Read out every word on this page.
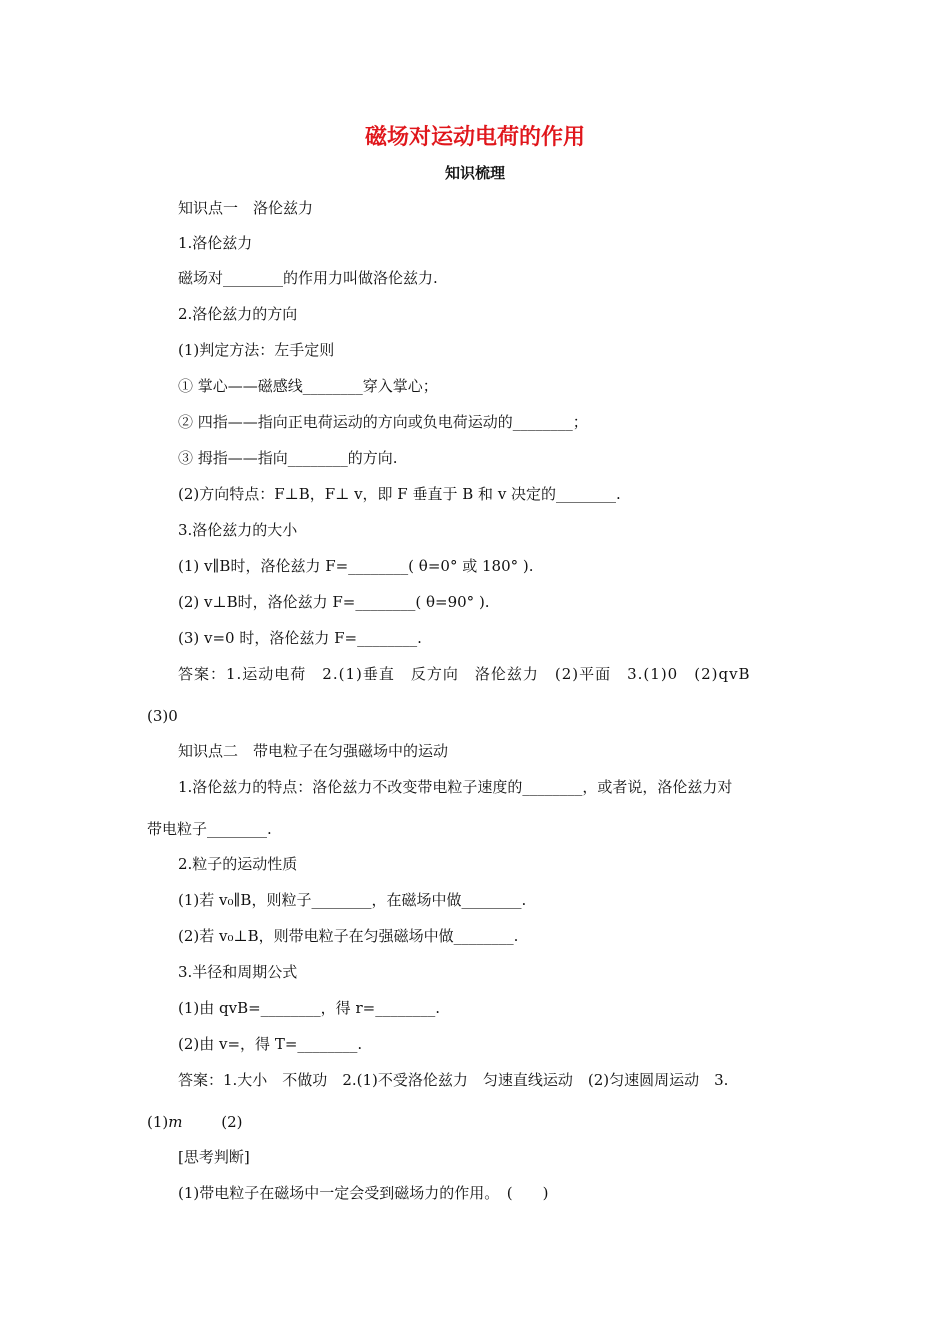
磁场对运动电荷的作用
知识梳理
知识点一　洛伦兹力
1.洛伦兹力
磁场对________的作用力叫做洛伦兹力.
2.洛伦兹力的方向
(1)判定方法：左手定则
① 掌心——磁感线________穿入掌心；
② 四指——指向正电荷运动的方向或负电荷运动的________；
③ 拇指——指向________的方向.
(2)方向特点：F⊥B，F⊥ v，即 F 垂直于 B 和 v 决定的________.
3.洛伦兹力的大小
(1) v∥B时，洛伦兹力 F=________( θ=0° 或 180° ).
(2) v⊥B时，洛伦兹力 F=________( θ=90° ).
(3) v=0 时，洛伦兹力 F=________.
答案：1.运动电荷　2.(1)垂直　反方向　洛伦兹力　(2)平面　3.(1)0　(2)qvB
(3)0
知识点二　带电粒子在匀强磁场中的运动
1.洛伦兹力的特点：洛伦兹力不改变带电粒子速度的________，或者说，洛伦兹力对
带电粒子________.
2.粒子的运动性质
(1)若 v₀∥B，则粒子________，在磁场中做________.
(2)若 v₀⊥B，则带电粒子在匀强磁场中做________.
3.半径和周期公式
(1)由 qvB=________，得 r=________.
(2)由 v=，得 T=________.
答案：1.大小　不做功　2.(1)不受洛伦兹力　匀速直线运动　(2)匀速圆周运动　3.
(1)m	(2)
[思考判断]
(1)带电粒子在磁场中一定会受到磁场力的作用。　(　　)
